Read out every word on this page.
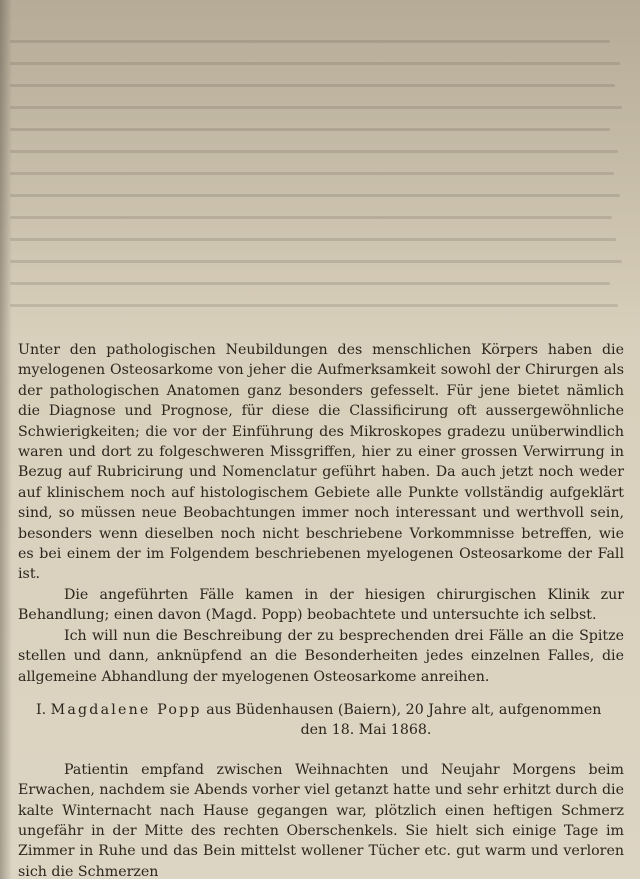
Unter den pathologischen Neubildungen des menschlichen Körpers haben die myelogenen Osteosarkome von jeher die Aufmerksamkeit sowohl der Chirurgen als der pathologischen Anatomen ganz besonders gefesselt. Für jene bietet nämlich die Diagnose und Prognose, für diese die Classificirung oft aussergewöhnliche Schwierigkeiten; die vor der Einführung des Mikroskopes gradezu unüberwindlich waren und dort zu folgeschweren Missgriffen, hier zu einer grossen Verwirrung in Bezug auf Rubricirung und Nomenclatur geführt haben. Da auch jetzt noch weder auf klinischem noch auf histologischem Gebiete alle Punkte vollständig aufgeklärt sind, so müssen neue Beobachtungen immer noch interessant und werthvoll sein, besonders wenn dieselben noch nicht beschriebene Vorkommnisse betreffen, wie es bei einem der im Folgendem beschriebenen myelogenen Osteosarkome der Fall ist.

Die angeführten Fälle kamen in der hiesigen chirurgischen Klinik zur Behandlung; einen davon (Magd. Popp) beobachtete und untersuchte ich selbst.

Ich will nun die Beschreibung der zu besprechenden drei Fälle an die Spitze stellen und dann, anknüpfend an die Besonderheiten jedes einzelnen Falles, die allgemeine Abhandlung der myelogenen Osteosarkome anreihen.

I. Magdalene Popp aus Büdenhausen (Baiern), 20 Jahre alt, aufgenommen

den 18. Mai 1868.

Patientin empfand zwischen Weihnachten und Neujahr Morgens beim Erwachen, nachdem sie Abends vorher viel getanzt hatte und sehr erhitzt durch die kalte Winternacht nach Hause gegangen war, plötzlich einen heftigen Schmerz ungefähr in der Mitte des rechten Oberschenkels. Sie hielt sich einige Tage im Zimmer in Ruhe und das Bein mittelst wollener Tücher etc. gut warm und verloren sich die Schmerzen
